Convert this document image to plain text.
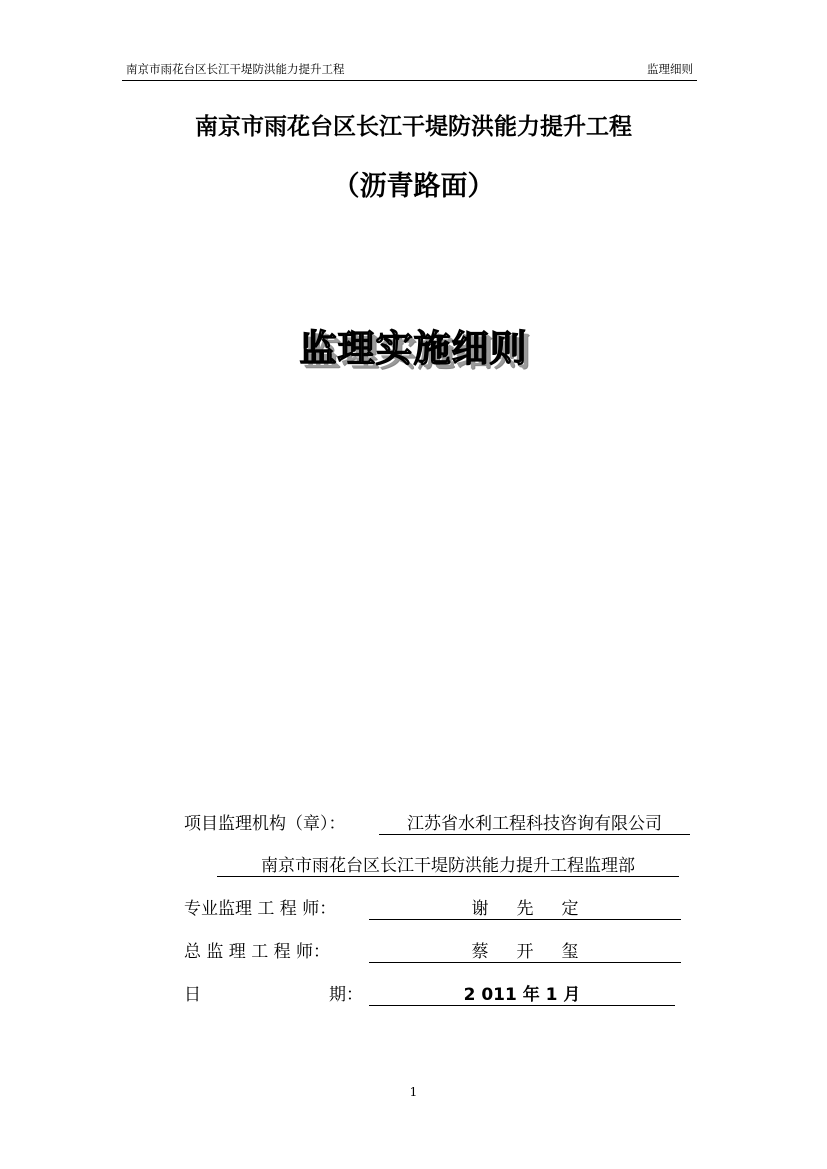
南京市雨花台区长江干堤防洪能力提升工程	监理细则
南京市雨花台区长江干堤防洪能力提升工程
（沥青路面）
监理实施细则
项目监理机构（章）：	江苏省水利工程科技咨询有限公司
南京市雨花台区长江干堤防洪能力提升工程监理部
专业监理 工 程 师：	谢先定
总 监 理 工 程 师：	蔡开玺
日	期：	2 011 年 1 月
1
